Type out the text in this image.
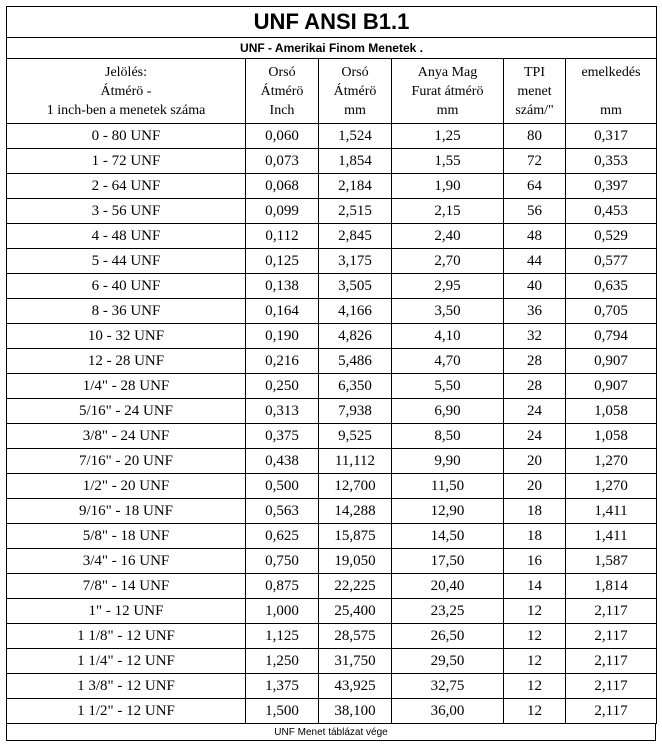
UNF ANSI B1.1					
UNF - Amerikai Finom Menetek .					

Jelölés:
Átmérö -
1 inch-ben a menetek száma	Orsó
Átmérö
Inch	Orsó
Átmérö
mm	Anya Mag
Furat átmérö
mm	TPI
menet
szám/"	emelkedés

mm

0 - 80 UNF	0,060	1,524	1,25	80	0,317
1 - 72 UNF	0,073	1,854	1,55	72	0,353
2 - 64 UNF	0,068	2,184	1,90	64	0,397
3 - 56 UNF	0,099	2,515	2,15	56	0,453
4 - 48 UNF	0,112	2,845	2,40	48	0,529
5 - 44 UNF	0,125	3,175	2,70	44	0,577
6 - 40 UNF	0,138	3,505	2,95	40	0,635
8 - 36 UNF	0,164	4,166	3,50	36	0,705
10 - 32 UNF	0,190	4,826	4,10	32	0,794
12 - 28 UNF	0,216	5,486	4,70	28	0,907
1/4" - 28 UNF	0,250	6,350	5,50	28	0,907
5/16" - 24 UNF	0,313	7,938	6,90	24	1,058
3/8" - 24 UNF	0,375	9,525	8,50	24	1,058
7/16" - 20 UNF	0,438	11,112	9,90	20	1,270
1/2" - 20 UNF	0,500	12,700	11,50	20	1,270
9/16" - 18 UNF	0,563	14,288	12,90	18	1,411
5/8" - 18 UNF	0,625	15,875	14,50	18	1,411
3/4" - 16 UNF	0,750	19,050	17,50	16	1,587
7/8" - 14 UNF	0,875	22,225	20,40	14	1,814
1" - 12 UNF	1,000	25,400	23,25	12	2,117
1 1/8" - 12 UNF	1,125	28,575	26,50	12	2,117
1 1/4" - 12 UNF	1,250	31,750	29,50	12	2,117
1 3/8" - 12 UNF	1,375	43,925	32,75	12	2,117
1 1/2" - 12 UNF	1,500	38,100	36,00	12	2,117
UNF Menet táblázat vége
